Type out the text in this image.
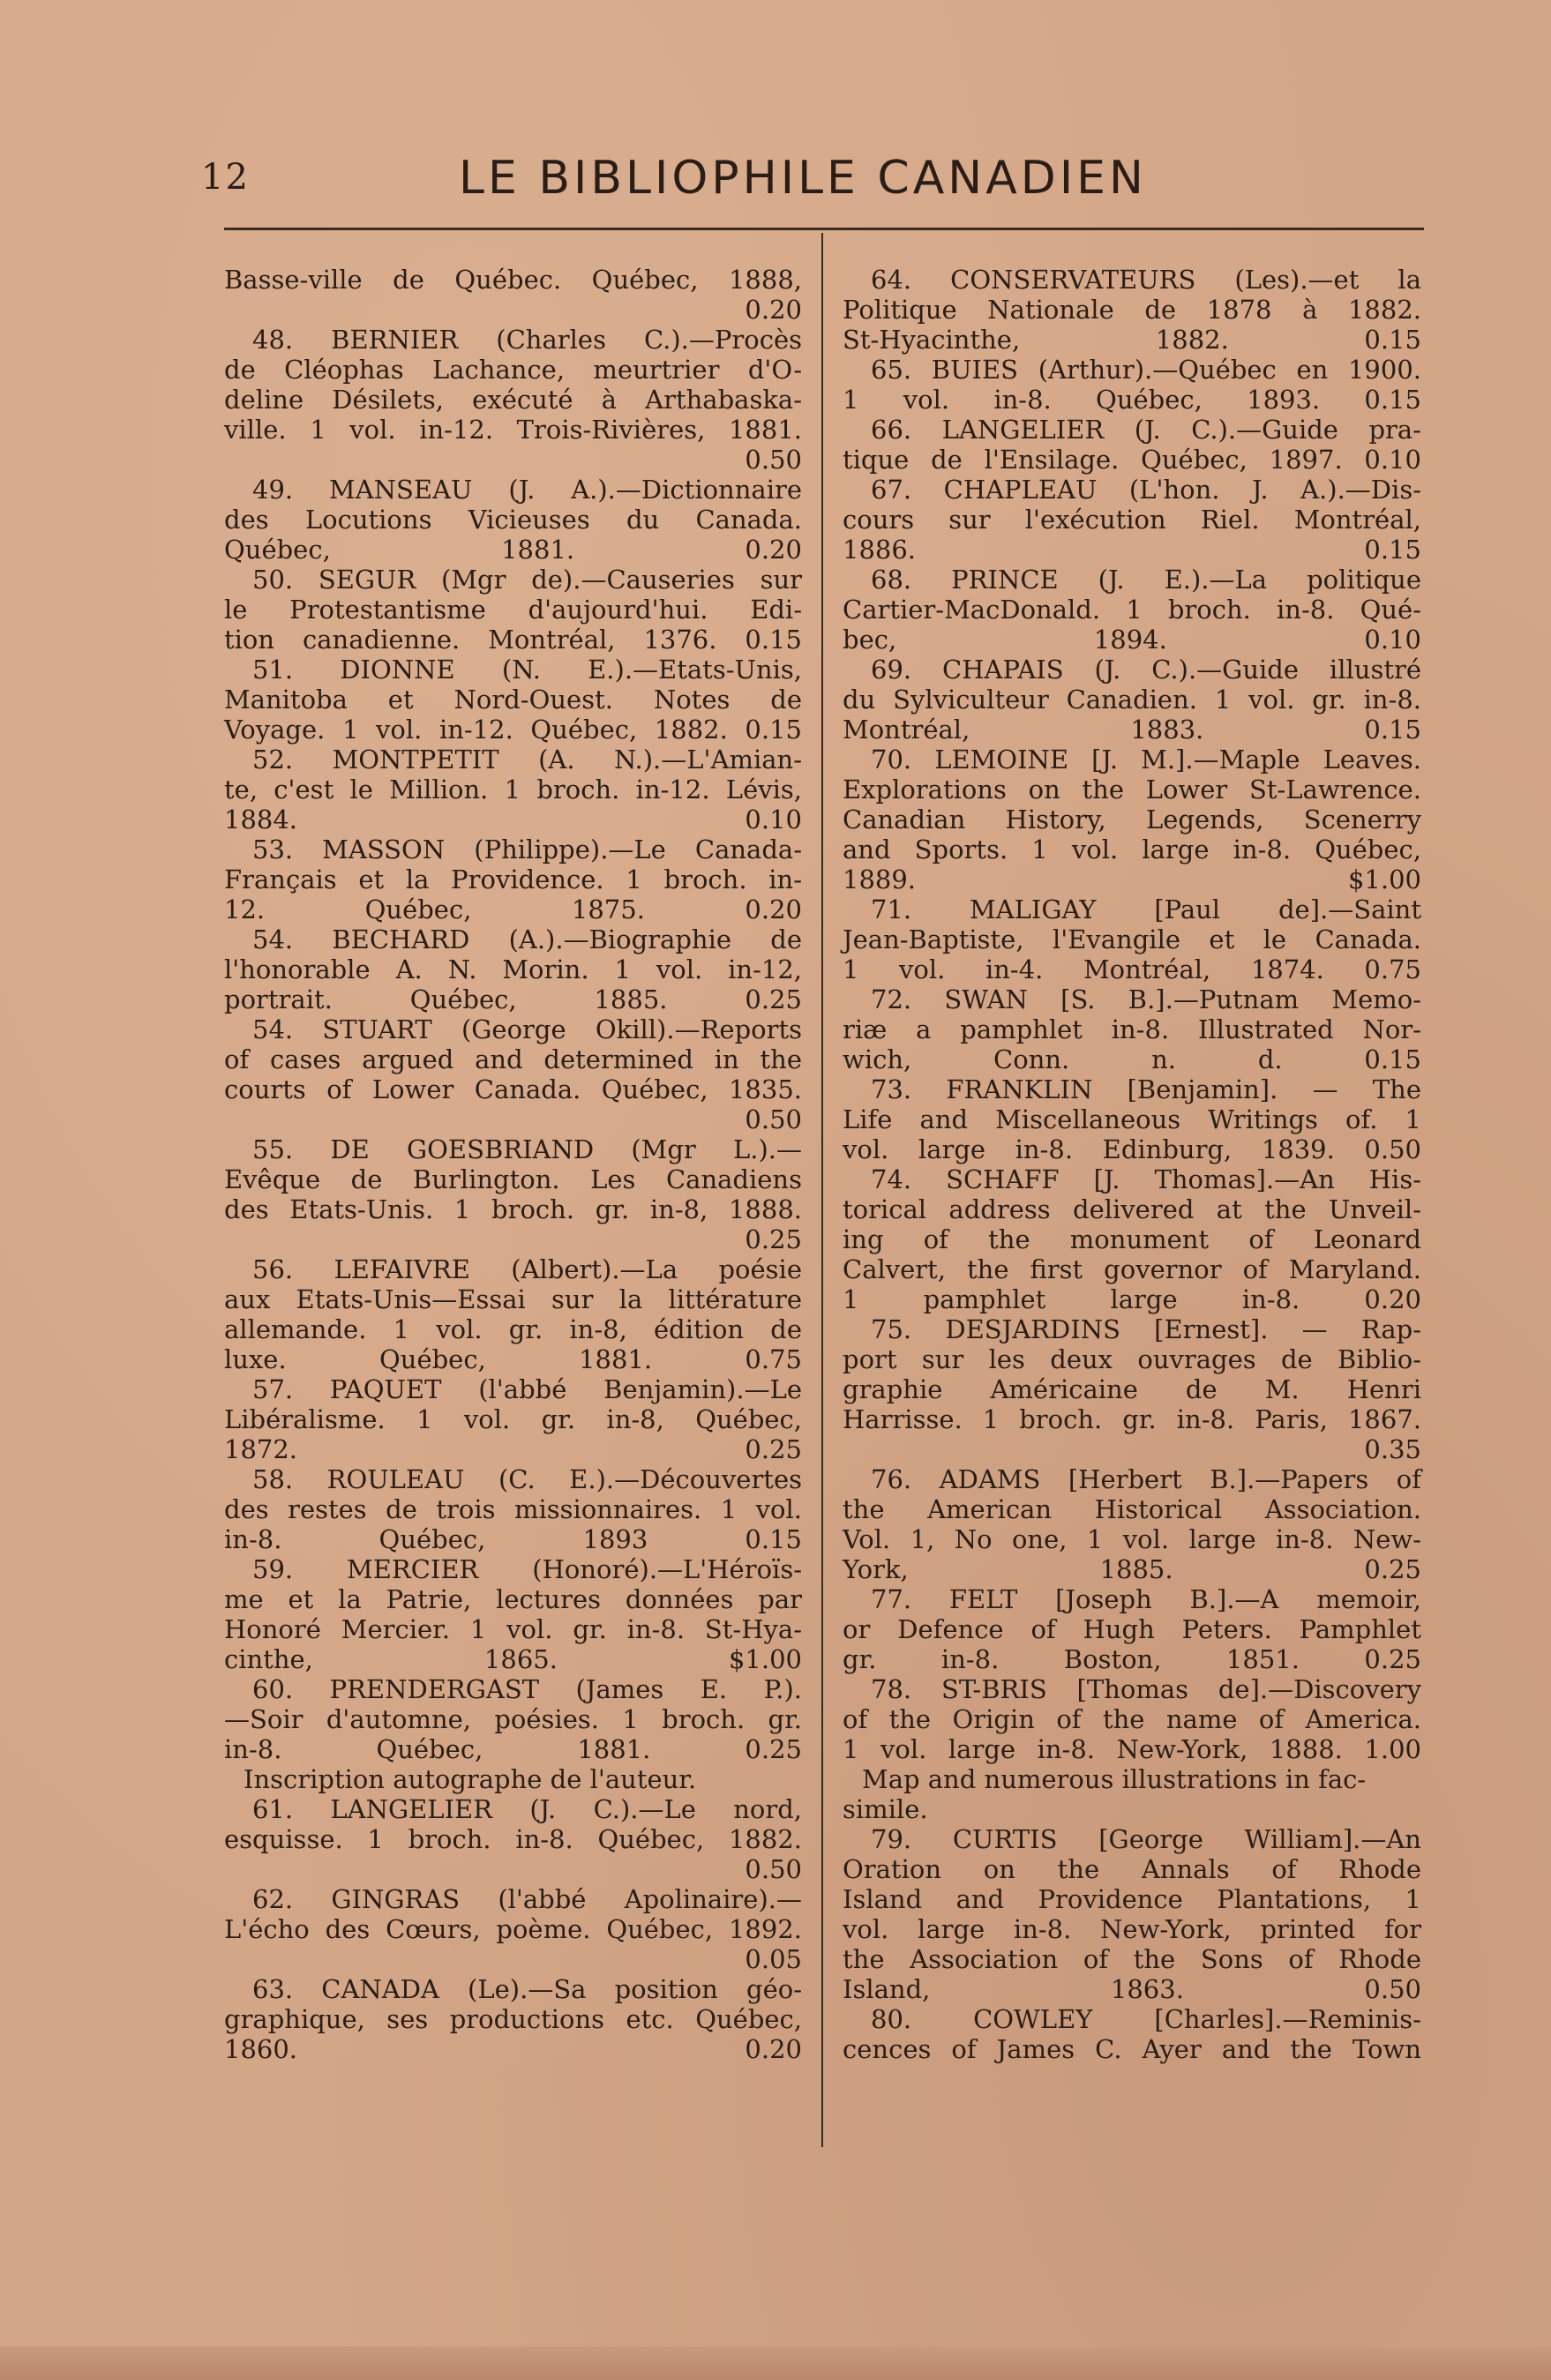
12	LE BIBLIOPHILE CANADIEN
Basse-ville de Québec. Québec, 1888,
0.20
48. BERNIER (Charles C.).—Procès
de Cléophas Lachance, meurtrier d'O-
deline Désilets, exécuté à Arthabaska-
ville. 1 vol. in-12. Trois-Rivières, 1881.
0.50
49. MANSEAU (J. A.).—Dictionnaire
des Locutions Vicieuses du Canada.
Québec, 1881. 0.20
50. SEGUR (Mgr de).—Causeries sur
le Protestantisme d'aujourd'hui. Edi-
tion canadienne. Montréal, 1376. 0.15
51. DIONNE (N. E.).—Etats-Unis,
Manitoba et Nord-Ouest. Notes de
Voyage. 1 vol. in-12. Québec, 1882. 0.15
52. MONTPETIT (A. N.).—L'Amian-
te, c'est le Million. 1 broch. in-12. Lévis,
1884. 0.10
53. MASSON (Philippe).—Le Canada-
Français et la Providence. 1 broch. in-
12. Québec, 1875. 0.20
54. BECHARD (A.).—Biographie de
l'honorable A. N. Morin. 1 vol. in-12,
portrait. Québec, 1885. 0.25
54. STUART (George Okill).—Reports
of cases argued and determined in the
courts of Lower Canada. Québec, 1835.
0.50
55. DE GOESBRIAND (Mgr L.).—
Evêque de Burlington. Les Canadiens
des Etats-Unis. 1 broch. gr. in-8, 1888.
0.25
56. LEFAIVRE (Albert).—La poésie
aux Etats-Unis—Essai sur la littérature
allemande. 1 vol. gr. in-8, édition de
luxe. Québec, 1881. 0.75
57. PAQUET (l'abbé Benjamin).—Le
Libéralisme. 1 vol. gr. in-8, Québec,
1872. 0.25
58. ROULEAU (C. E.).—Découvertes
des restes de trois missionnaires. 1 vol.
in-8. Québec, 1893 0.15
59. MERCIER (Honoré).—L'Héroïs-
me et la Patrie, lectures données par
Honoré Mercier. 1 vol. gr. in-8. St-Hya-
cinthe, 1865. $1.00
60. PRENDERGAST (James E. P.).
—Soir d'automne, poésies. 1 broch. gr.
in-8. Québec, 1881. 0.25
Inscription autographe de l'auteur.
61. LANGELIER (J. C.).—Le nord,
esquisse. 1 broch. in-8. Québec, 1882.
0.50
62. GINGRAS (l'abbé Apolinaire).—
L'écho des Cœurs, poème. Québec, 1892.
0.05
63. CANADA (Le).—Sa position géo-
graphique, ses productions etc. Québec,
1860. 0.20
64. CONSERVATEURS (Les).—et la
Politique Nationale de 1878 à 1882.
St-Hyacinthe, 1882. 0.15
65. BUIES (Arthur).—Québec en 1900.
1 vol. in-8. Québec, 1893. 0.15
66. LANGELIER (J. C.).—Guide pra-
tique de l'Ensilage. Québec, 1897. 0.10
67. CHAPLEAU (L'hon. J. A.).—Dis-
cours sur l'exécution Riel. Montréal,
1886. 0.15
68. PRINCE (J. E.).—La politique
Cartier-MacDonald. 1 broch. in-8. Qué-
bec, 1894. 0.10
69. CHAPAIS (J. C.).—Guide illustré
du Sylviculteur Canadien. 1 vol. gr. in-8.
Montréal, 1883. 0.15
70. LEMOINE [J. M.].—Maple Leaves.
Explorations on the Lower St-Lawrence.
Canadian History, Legends, Scenerry
and Sports. 1 vol. large in-8. Québec,
1889. $1.00
71. MALIGAY [Paul de].—Saint
Jean-Baptiste, l'Evangile et le Canada.
1 vol. in-4. Montréal, 1874. 0.75
72. SWAN [S. B.].—Putnam Memo-
riæ a pamphlet in-8. Illustrated Nor-
wich, Conn. n. d. 0.15
73. FRANKLIN [Benjamin]. — The
Life and Miscellaneous Writings of. 1
vol. large in-8. Edinburg, 1839. 0.50
74. SCHAFF [J. Thomas].—An His-
torical address delivered at the Unveil-
ing of the monument of Leonard
Calvert, the first governor of Maryland.
1 pamphlet large in-8. 0.20
75. DESJARDINS [Ernest]. — Rap-
port sur les deux ouvrages de Biblio-
graphie Américaine de M. Henri
Harrisse. 1 broch. gr. in-8. Paris, 1867.
0.35
76. ADAMS [Herbert B.].—Papers of
the American Historical Association.
Vol. 1, No one, 1 vol. large in-8. New-
York, 1885. 0.25
77. FELT [Joseph B.].—A memoir,
or Defence of Hugh Peters. Pamphlet
gr. in-8. Boston, 1851. 0.25
78. ST-BRIS [Thomas de].—Discovery
of the Origin of the name of America.
1 vol. large in-8. New-York, 1888. 1.00
Map and numerous illustrations in fac-
simile.
79. CURTIS [George William].—An
Oration on the Annals of Rhode
Island and Providence Plantations, 1
vol. large in-8. New-York, printed for
the Association of the Sons of Rhode
Island, 1863. 0.50
80. COWLEY [Charles].—Reminis-
cences of James C. Ayer and the Town
